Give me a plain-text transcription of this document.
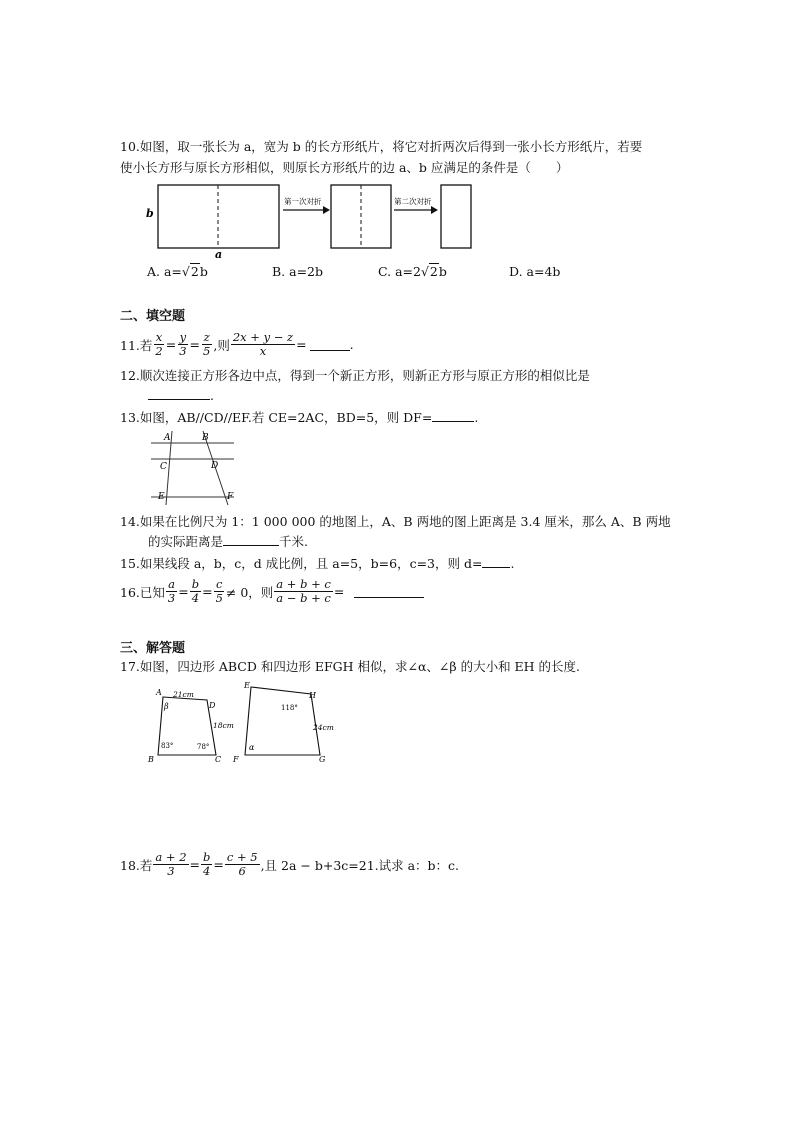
10.如图，取一张长为 a，宽为 b 的长方形纸片，将它对折两次后得到一张小长方形纸片，若要
使小长方形与原长方形相似，则原长方形纸片的边 a、b 应满足的条件是（　　）
b
a
第一次对折	第二次对折
A. a=√2b	B. a=2b	C. a=2√2b	D. a=4b
二、填空题
11.若 $\frac{x}{2} = \frac{y}{3} = \frac{z}{5}$ ,则 $\frac{2x + y - z}{x}$ =	.
12.顺次连接正方形各边中点，得到一个新正方形，则新正方形与原正方形的相似比是
.
13.如图，AB//CD//EF.若 CE=2AC，BD=5，则 DF=	.
A	B
C	D
E	F
14.如果在比例尺为 1：1 000 000 的地图上，A、B 两地的图上距离是 3.4 厘米，那么 A、B 两地
的实际距离是	千米.
15.如果线段 a，b，c，d 成比例，且 a=5，b=6，c=3，则 d= .
16.已知 $\frac{a}{3} = \frac{b}{4} = \frac{c}{5} \ne 0$，则 $\frac{a + b + c}{a - b + c}$ =
三、解答题
17.如图，四边形 ABCD 和四边形 EFGH 相似，求∠α、∠β 的大小和 EH 的长度.
A
D
C
B
21cm
18cm
β
83°	78°
E
H
G
F
118°
24cm
α
18.若 $\frac{a + 2}{3} = \frac{b}{4} = \frac{c + 5}{6}$ ,且 2a − b+3c=21.试求 a：b：c.
